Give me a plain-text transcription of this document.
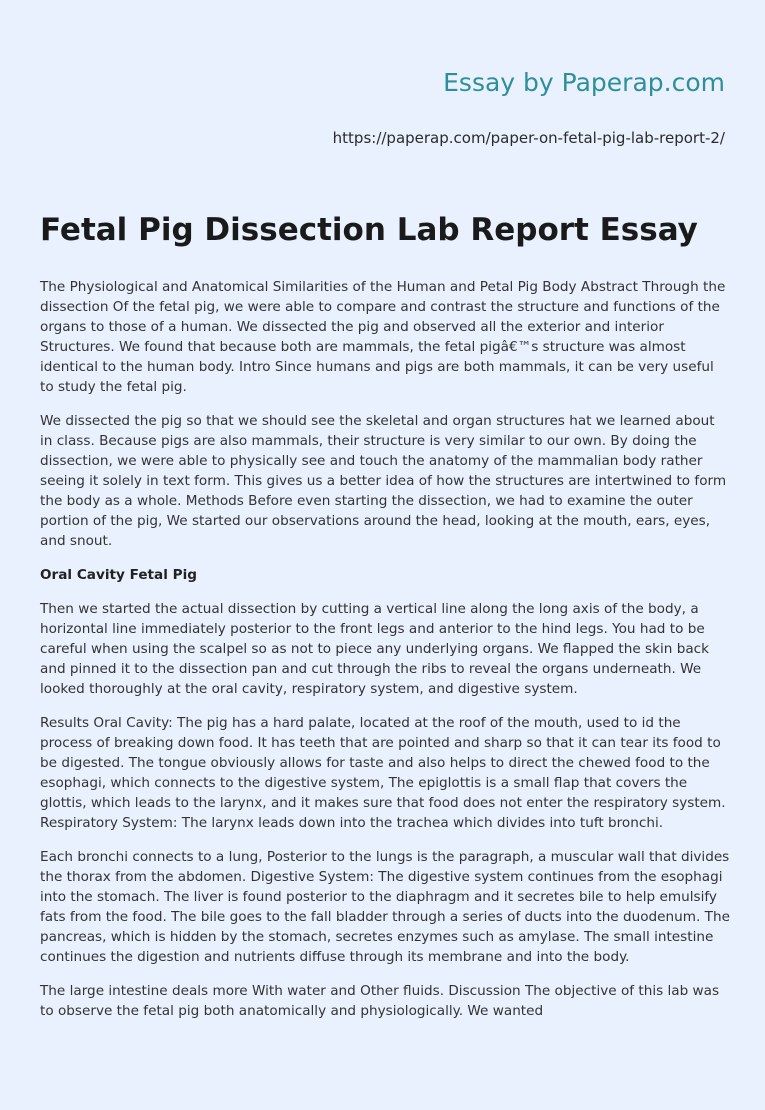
Essay by Paperap.com
https://paperap.com/paper-on-fetal-pig-lab-report-2/
Fetal Pig Dissection Lab Report Essay

The Physiological and Anatomical Similarities of the Human and Petal Pig Body Abstract Through the dissection Of the fetal pig, we were able to compare and contrast the structure and functions of the organs to those of a human. We dissected the pig and observed all the exterior and interior Structures. We found that because both are mammals, the fetal pigâ€™s structure was almost identical to the human body. Intro Since humans and pigs are both mammals, it can be very useful to study the fetal pig.

We dissected the pig so that we should see the skeletal and organ structures hat we learned about in class. Because pigs are also mammals, their structure is very similar to our own. By doing the dissection, we were able to physically see and touch the anatomy of the mammalian body rather seeing it solely in text form. This gives us a better idea of how the structures are intertwined to form the body as a whole. Methods Before even starting the dissection, we had to examine the outer portion of the pig, We started our observations around the head, looking at the mouth, ears, eyes, and snout.

Oral Cavity Fetal Pig

Then we started the actual dissection by cutting a vertical line along the long axis of the body, a horizontal line immediately posterior to the front legs and anterior to the hind legs. You had to be careful when using the scalpel so as not to piece any underlying organs. We flapped the skin back and pinned it to the dissection pan and cut through the ribs to reveal the organs underneath. We looked thoroughly at the oral cavity, respiratory system, and digestive system.

Results Oral Cavity: The pig has a hard palate, located at the roof of the mouth, used to id the process of breaking down food. It has teeth that are pointed and sharp so that it can tear its food to be digested. The tongue obviously allows for taste and also helps to direct the chewed food to the esophagi, which connects to the digestive system, The epiglottis is a small flap that covers the glottis, which leads to the larynx, and it makes sure that food does not enter the respiratory system. Respiratory System: The larynx leads down into the trachea which divides into tuft bronchi.

Each bronchi connects to a lung, Posterior to the lungs is the paragraph, a muscular wall that divides the thorax from the abdomen. Digestive System: The digestive system continues from the esophagi into the stomach. The liver is found posterior to the diaphragm and it secretes bile to help emulsify fats from the food. The bile goes to the fall bladder through a series of ducts into the duodenum. The pancreas, which is hidden by the stomach, secretes enzymes such as amylase. The small intestine continues the digestion and nutrients diffuse through its membrane and into the body.

The large intestine deals more With water and Other fluids. Discussion The objective of this lab was to observe the fetal pig both anatomically and physiologically. We wanted
